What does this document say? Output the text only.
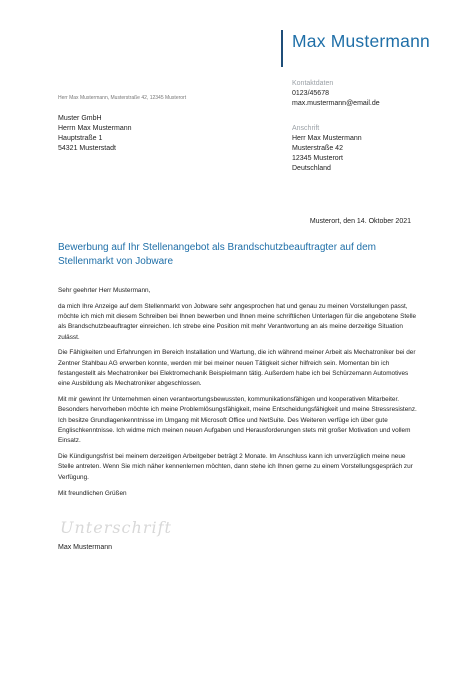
Max Mustermann
Herr Max Mustermann, Musterstraße 42, 12345 Musterort
Kontaktdaten
0123/45678
max.mustermann@email.de
Anschrift
Herr Max Mustermann
Musterstraße 42
12345 Musterort
Deutschland
Muster GmbH
Herrn Max Mustermann
Hauptstraße 1
54321 Musterstadt
Musterort, den 14. Oktober 2021
Bewerbung auf Ihr Stellenangebot als Brandschutzbeauftragter auf dem Stellenmarkt von Jobware

Sehr geehrter Herr Mustermann,

da mich Ihre Anzeige auf dem Stellenmarkt von Jobware sehr angesprochen hat und genau zu meinen Vorstellungen passt, möchte ich mich mit diesem Schreiben bei Ihnen bewerben und Ihnen meine schriftlichen Unterlagen für die angebotene Stelle als Brandschutzbeauftragter einreichen. Ich strebe eine Position mit mehr Verantwortung an als meine derzeitige Situation zulässt.

Die Fähigkeiten und Erfahrungen im Bereich Installation und Wartung, die ich während meiner Arbeit als Mechatroniker bei der Zentner Stahlbau AG erwerben konnte, werden mir bei meiner neuen Tätigkeit sicher hilfreich sein. Momentan bin ich festangestellt als Mechatroniker bei Elektromechanik Beispielmann tätig. Außerdem habe ich bei Schürzemann Automotives eine Ausbildung als Mechatroniker abgeschlossen.

Mit mir gewinnt Ihr Unternehmen einen verantwortungsbewussten, kommunikationsfähigen und kooperativen Mitarbeiter. Besonders hervorheben möchte ich meine Problemlösungsfähigkeit, meine Entscheidungsfähigkeit und meine Stressresistenz. Ich besitze Grundlagenkenntnisse im Umgang mit Microsoft Office und NetSuite. Des Weiteren verfüge ich über gute Englischkenntnisse. Ich widme mich meinen neuen Aufgaben und Herausforderungen stets mit großer Motivation und vollem Einsatz.

Die Kündigungsfrist bei meinem derzeitigen Arbeitgeber beträgt 2 Monate. Im Anschluss kann ich unverzüglich meine neue Stelle antreten. Wenn Sie mich näher kennenlernen möchten, dann stehe ich Ihnen gerne zu einem Vorstellungsgespräch zur Verfügung.

Mit freundlichen Grüßen

Unterschrift
Max Mustermann
